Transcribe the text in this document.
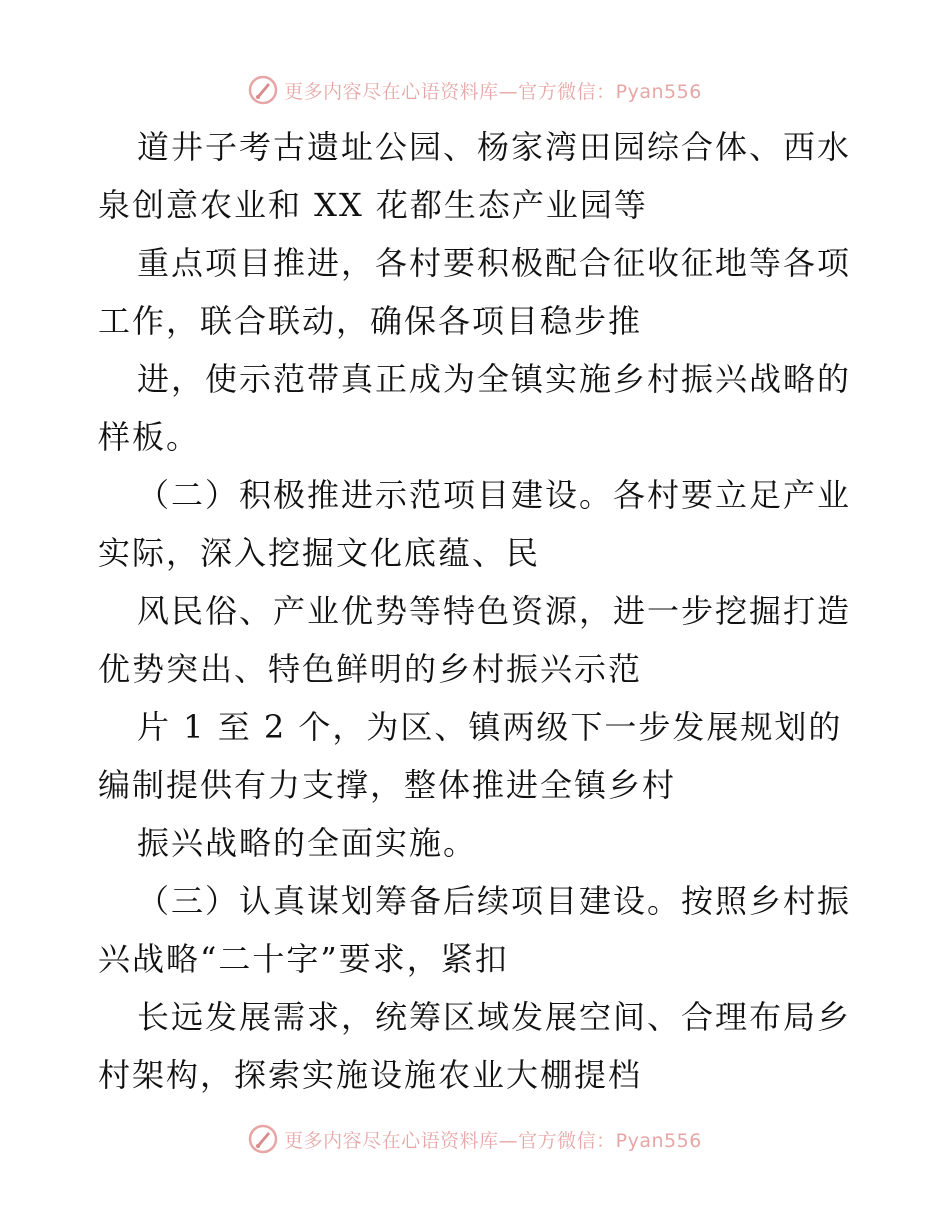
更多内容尽在心语资料库—官方微信：Pyan556
道井子考古遗址公园、杨家湾田园综合体、西水
泉创意农业和 XX 花都生态产业园等
重点项目推进，各村要积极配合征收征地等各项
工作，联合联动，确保各项目稳步推
进，使示范带真正成为全镇实施乡村振兴战略的
样板。
（二）积极推进示范项目建设。各村要立足产业
实际，深入挖掘文化底蕴、民
风民俗、产业优势等特色资源，进一步挖掘打造
优势突出、特色鲜明的乡村振兴示范
片 1 至 2 个，为区、镇两级下一步发展规划的
编制提供有力支撑，整体推进全镇乡村
振兴战略的全面实施。
（三）认真谋划筹备后续项目建设。按照乡村振
兴战略“二十字”要求，紧扣
长远发展需求，统筹区域发展空间、合理布局乡
村架构，探索实施设施农业大棚提档
更多内容尽在心语资料库—官方微信：Pyan556
